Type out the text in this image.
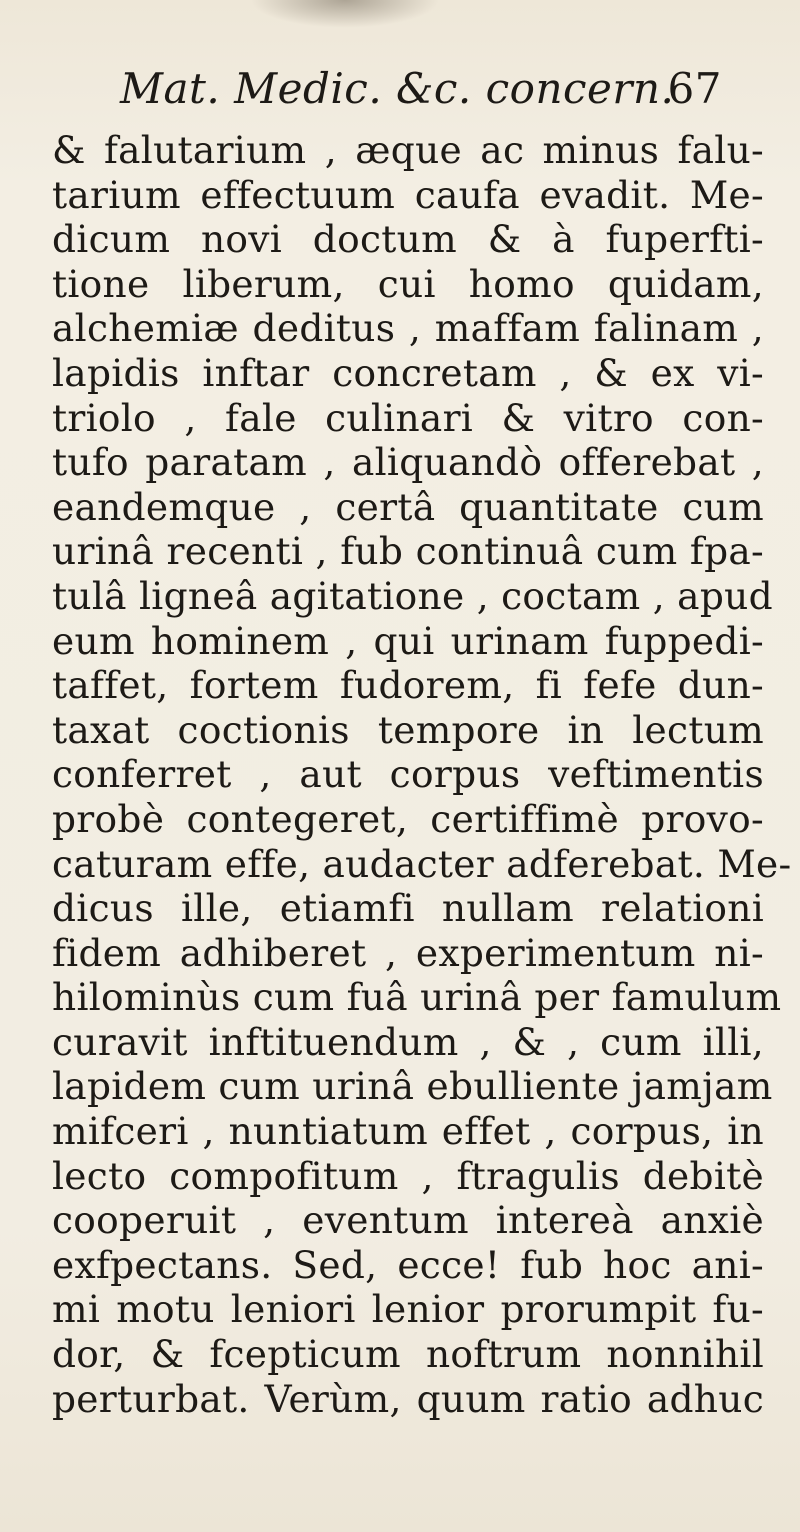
Mat. Medic. &c. concern.
67
& falutarium , æque ac minus falu-
tarium effectuum caufa evadit. Me-
dicum novi doctum & à fuperfti-
tione liberum, cui homo quidam,
alchemiæ deditus , maffam falinam ,
lapidis inftar concretam , & ex vi-
triolo , fale culinari & vitro con-
tufo paratam , aliquandò offerebat ,
eandemque , certâ quantitate cum
urinâ recenti , fub continuâ cum fpa-
tulâ ligneâ agitatione , coctam , apud
eum hominem , qui urinam fuppedi-
taffet, fortem fudorem, fi fefe dun-
taxat coctionis tempore in lectum
conferret , aut corpus veftimentis
probè contegeret, certiffimè provo-
caturam effe, audacter adferebat. Me-
dicus ille, etiamfi nullam relationi
fidem adhiberet , experimentum ni-
hilominùs cum fuâ urinâ per famulum
curavit inftituendum , & , cum illi,
lapidem cum urinâ ebulliente jamjam
mifceri , nuntiatum effet , corpus, in
lecto compofitum , ftragulis debitè
cooperuit , eventum intereà anxiè
exfpectans. Sed, ecce! fub hoc ani-
mi motu leniori lenior prorumpit fu-
dor, & fcepticum noftrum nonnihil
perturbat. Verùm, quum ratio adhuc
